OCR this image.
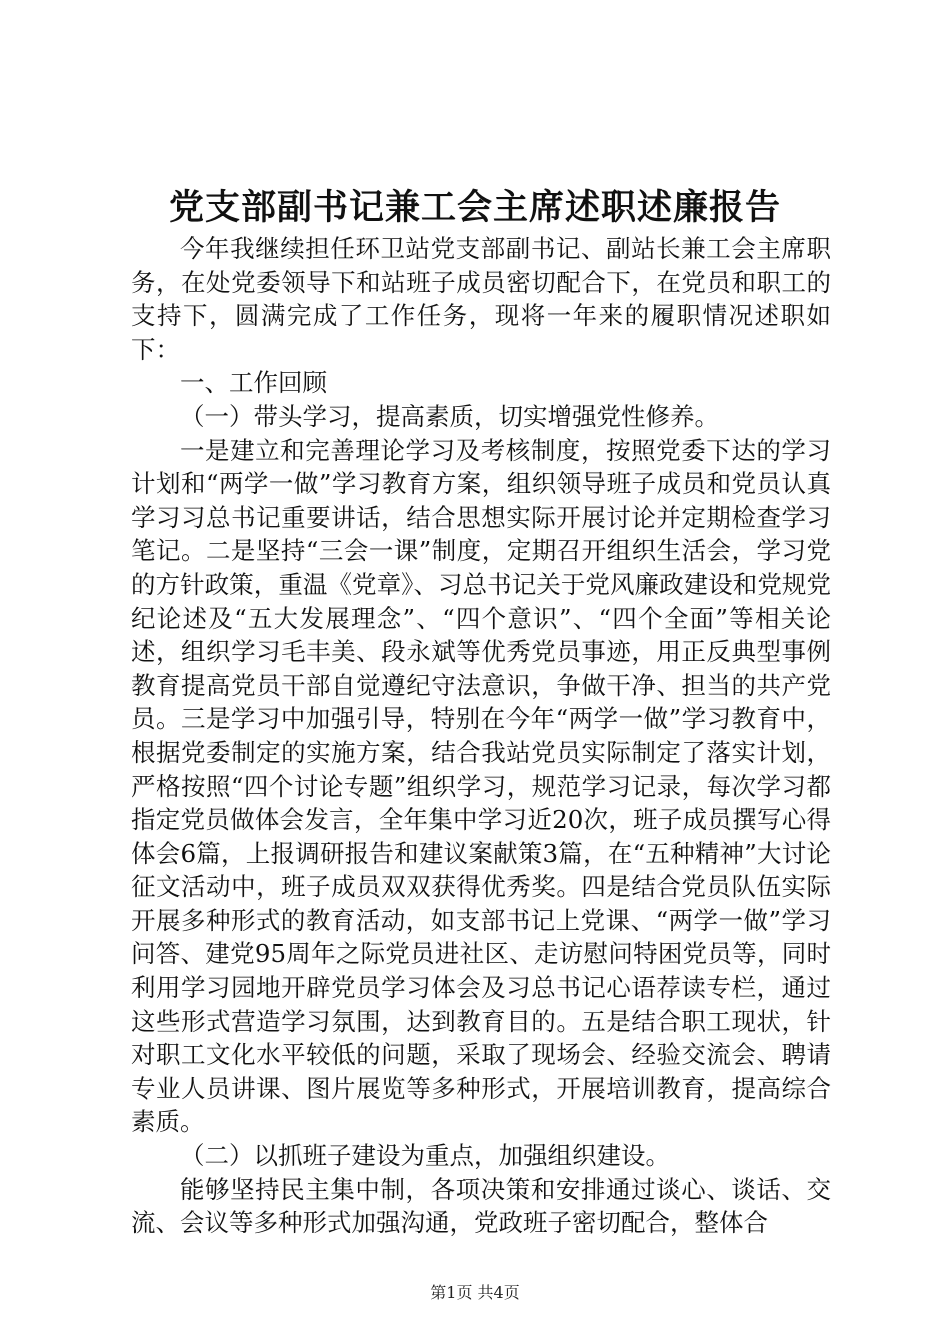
党支部副书记兼工会主席述职述廉报告

今年我继续担任环卫站党支部副书记、副站长兼工会主席职务，在处党委领导下和站班子成员密切配合下，在党员和职工的支持下，圆满完成了工作任务，现将一年来的履职情况述职如下：

一、工作回顾

（一）带头学习，提高素质，切实增强党性修养。

一是建立和完善理论学习及考核制度，按照党委下达的学习计划和“两学一做”学习教育方案，组织领导班子成员和党员认真学习习总书记重要讲话，结合思想实际开展讨论并定期检查学习笔记。二是坚持“三会一课”制度，定期召开组织生活会，学习党的方针政策，重温《党章》、习总书记关于党风廉政建设和党规党纪论述及“五大发展理念”、“四个意识”、“四个全面”等相关论述，组织学习毛丰美、段永斌等优秀党员事迹，用正反典型事例教育提高党员干部自觉遵纪守法意识，争做干净、担当的共产党员。三是学习中加强引导，特别在今年“两学一做”学习教育中，根据党委制定的实施方案，结合我站党员实际制定了落实计划，严格按照“四个讨论专题”组织学习，规范学习记录，每次学习都指定党员做体会发言，全年集中学习近20次，班子成员撰写心得体会6篇，上报调研报告和建议案献策3篇，在“五种精神”大讨论征文活动中，班子成员双双获得优秀奖。四是结合党员队伍实际开展多种形式的教育活动，如支部书记上党课、“两学一做”学习问答、建党95周年之际党员进社区、走访慰问特困党员等，同时利用学习园地开辟党员学习体会及习总书记心语荐读专栏，通过这些形式营造学习氛围，达到教育目的。五是结合职工现状，针对职工文化水平较低的问题，采取了现场会、经验交流会、聘请专业人员讲课、图片展览等多种形式，开展培训教育，提高综合素质。

（二）以抓班子建设为重点，加强组织建设。

能够坚持民主集中制，各项决策和安排通过谈心、谈话、交流、会议等多种形式加强沟通，党政班子密切配合，整体合

第1页 共4页
